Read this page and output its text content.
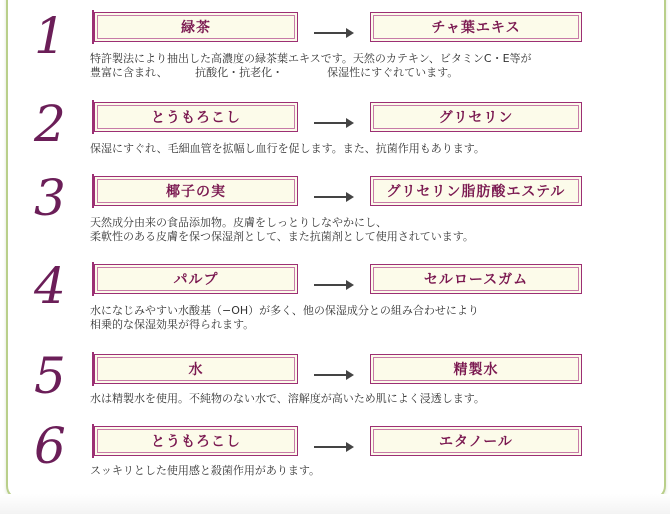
1	緑茶	チャ葉エキス
特許製法により抽出した高濃度の緑茶葉エキスです。天然のカテキン、ビタミンC・E等が
豊富に含まれ、　　　抗酸化・抗老化・　　　　保湿性にすぐれています。
2	とうもろこし	グリセリン
保湿にすぐれ、毛細血管を拡幅し血行を促します。また、抗菌作用もあります。
3	椰子の実	グリセリン脂肪酸エステル
天然成分由来の食品添加物。皮膚をしっとりしなやかにし、
柔軟性のある皮膚を保つ保湿剤として、また抗菌剤として使用されています。
4	パルプ	セルロースガム
水になじみやすい水酸基（−OH）が多く、他の保湿成分との組み合わせにより
相乗的な保湿効果が得られます。
5	水	精製水
水は精製水を使用。不純物のない水で、溶解度が高いため肌によく浸透します。
6	とうもろこし	エタノール
スッキリとした使用感と殺菌作用があります。
